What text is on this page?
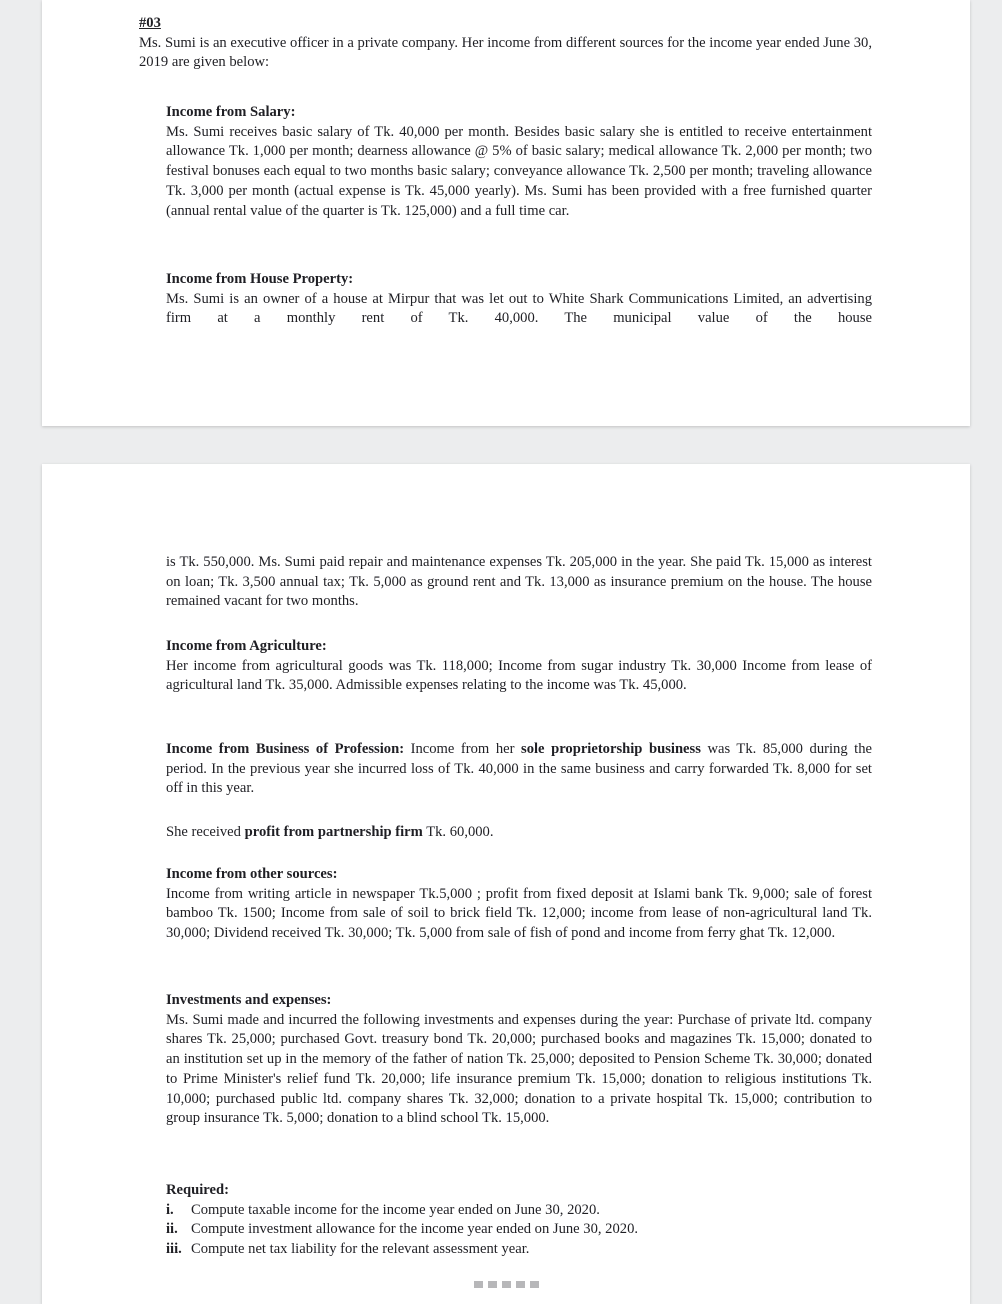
#03
Ms. Sumi is an executive officer in a private company. Her income from different sources for the income year ended June 30, 2019 are given below:
Income from Salary:
Ms. Sumi receives basic salary of Tk. 40,000 per month. Besides basic salary she is entitled to receive entertainment allowance Tk. 1,000 per month; dearness allowance @ 5% of basic salary; medical allowance Tk. 2,000 per month; two festival bonuses each equal to two months basic salary; conveyance allowance Tk. 2,500 per month; traveling allowance Tk. 3,000 per month (actual expense is Tk. 45,000 yearly). Ms. Sumi has been provided with a free furnished quarter (annual rental value of the quarter is Tk. 125,000) and a full time car.
Income from House Property:
Ms. Sumi is an owner of a house at Mirpur that was let out to White Shark Communications Limited, an advertising firm at a monthly rent of Tk. 40,000. The municipal value of the house
is Tk. 550,000. Ms. Sumi paid repair and maintenance expenses Tk. 205,000 in the year. She paid Tk. 15,000 as interest on loan; Tk. 3,500 annual tax; Tk. 5,000 as ground rent and Tk. 13,000 as insurance premium on the house. The house remained vacant for two months.
Income from Agriculture:
Her income from agricultural goods was Tk. 118,000; Income from sugar industry Tk. 30,000 Income from lease of agricultural land Tk. 35,000. Admissible expenses relating to the income was Tk. 45,000.
Income from Business of Profession: Income from her sole proprietorship business was Tk. 85,000 during the period. In the previous year she incurred loss of Tk. 40,000 in the same business and carry forwarded Tk. 8,000 for set off in this year.
She received profit from partnership firm Tk. 60,000.
Income from other sources:
Income from writing article in newspaper Tk.5,000 ; profit from fixed deposit at Islami bank Tk. 9,000; sale of forest bamboo Tk. 1500; Income from sale of soil to brick field Tk. 12,000; income from lease of non-agricultural land Tk. 30,000; Dividend received Tk. 30,000; Tk. 5,000 from sale of fish of pond and income from ferry ghat Tk. 12,000.
Investments and expenses:
Ms. Sumi made and incurred the following investments and expenses during the year: Purchase of private ltd. company shares Tk. 25,000; purchased Govt. treasury bond Tk. 20,000; purchased books and magazines Tk. 15,000; donated to an institution set up in the memory of the father of nation Tk. 25,000; deposited to Pension Scheme Tk. 30,000; donated to Prime Minister's relief fund Tk. 20,000; life insurance premium Tk. 15,000; donation to religious institutions Tk. 10,000; purchased public ltd. company shares Tk. 32,000; donation to a private hospital Tk. 15,000; contribution to group insurance Tk. 5,000; donation to a blind school Tk. 15,000.
Required:
i.	Compute taxable income for the income year ended on June 30, 2020.
ii. Compute investment allowance for the income year ended on June 30, 2020.
iii. Compute net tax liability for the relevant assessment year.
